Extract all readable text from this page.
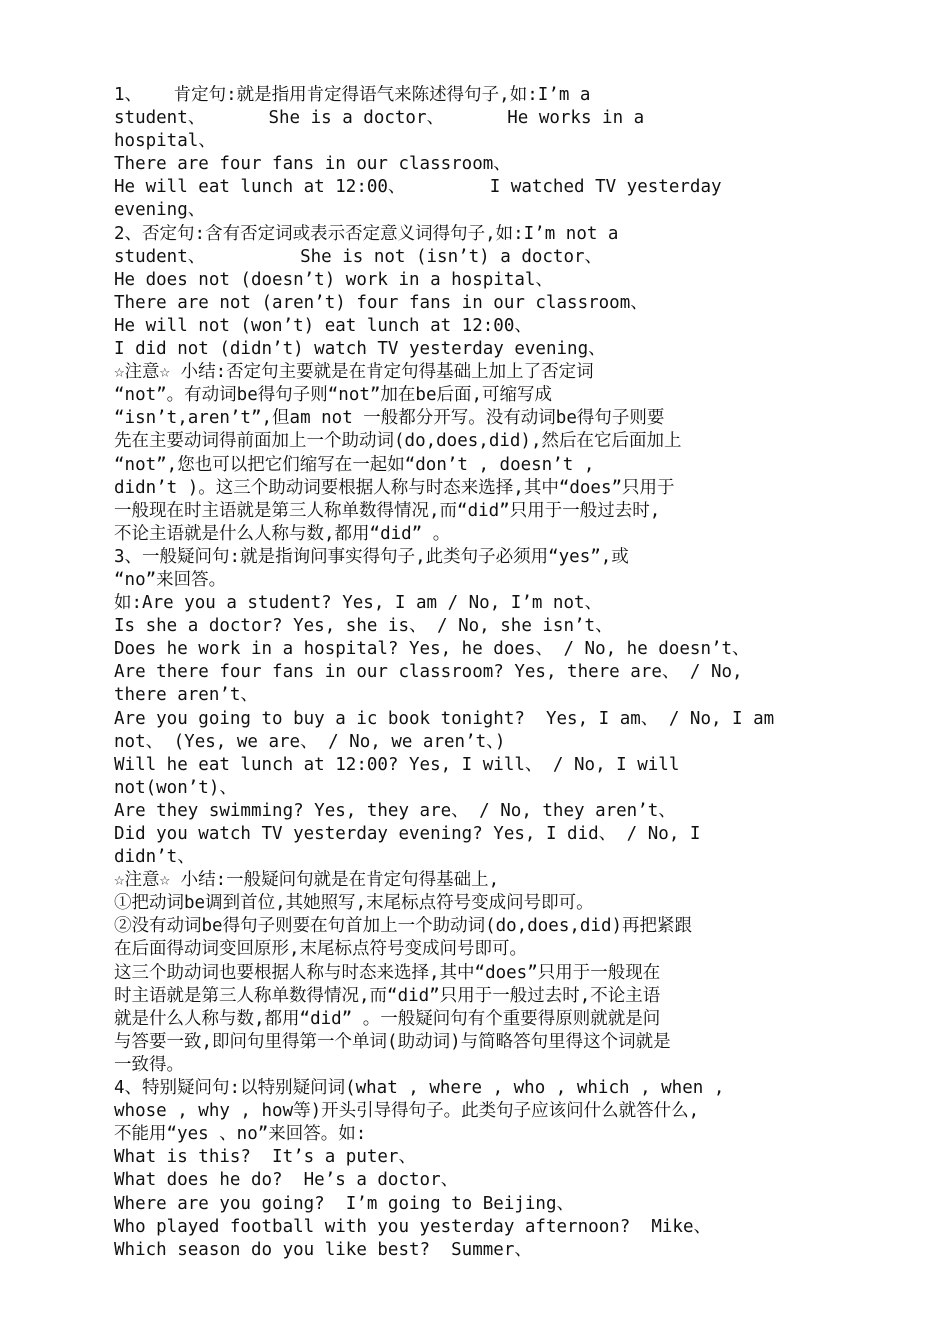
1、   肯定句:就是指用肯定得语气来陈述得句子,如:I’m a
student、      She is a doctor、      He works in a
hospital、
There are four fans in our classroom、
He will eat lunch at 12:00、        I watched TV yesterday
evening、
2、否定句:含有否定词或表示否定意义词得句子,如:I’m not a
student、         She is not (isn’t) a doctor、
He does not (doesn’t) work in a hospital、
There are not (aren’t) four fans in our classroom、
He will not (won’t) eat lunch at 12:00、
I did not (didn’t) watch TV yesterday evening、
☆注意☆ 小结:否定句主要就是在肯定句得基础上加上了否定词
“not”。有动词be得句子则“not”加在be后面,可缩写成
“isn’t,aren’t”,但am not 一般都分开写。没有动词be得句子则要
先在主要动词得前面加上一个助动词(do,does,did),然后在它后面加上
“not”,您也可以把它们缩写在一起如“don’t , doesn’t ,
didn’t )。这三个助动词要根据人称与时态来选择,其中“does”只用于
一般现在时主语就是第三人称单数得情况,而“did”只用于一般过去时,
不论主语就是什么人称与数,都用“did” 。
3、一般疑问句:就是指询问事实得句子,此类句子必须用“yes”,或
“no”来回答。
如:Are you a student? Yes, I am / No, I’m not、
Is she a doctor? Yes, she is、 / No, she isn’t、
Does he work in a hospital? Yes, he does、 / No, he doesn’t、
Are there four fans in our classroom? Yes, there are、 / No,
there aren’t、
Are you going to buy a ic book tonight?  Yes, I am、 / No, I am
not、 (Yes, we are、 / No, we aren’t、)
Will he eat lunch at 12:00? Yes, I will、 / No, I will
not(won’t)、
Are they swimming? Yes, they are、 / No, they aren’t、
Did you watch TV yesterday evening? Yes, I did、 / No, I
didn’t、
☆注意☆ 小结:一般疑问句就是在肯定句得基础上,
①把动词be调到首位,其她照写,末尾标点符号变成问号即可。
②没有动词be得句子则要在句首加上一个助动词(do,does,did)再把紧跟
在后面得动词变回原形,末尾标点符号变成问号即可。
这三个助动词也要根据人称与时态来选择,其中“does”只用于一般现在
时主语就是第三人称单数得情况,而“did”只用于一般过去时,不论主语
就是什么人称与数,都用“did” 。一般疑问句有个重要得原则就就是问
与答要一致,即问句里得第一个单词(助动词)与简略答句里得这个词就是
一致得。
4、特别疑问句:以特别疑问词(what , where , who , which , when ,
whose , why , how等)开头引导得句子。此类句子应该问什么就答什么,
不能用“yes 、no”来回答。如:
What is this?  It’s a puter、
What does he do?  He’s a doctor、
Where are you going?  I’m going to Beijing、
Who played football with you yesterday afternoon?  Mike、
Which season do you like best?  Summer、
